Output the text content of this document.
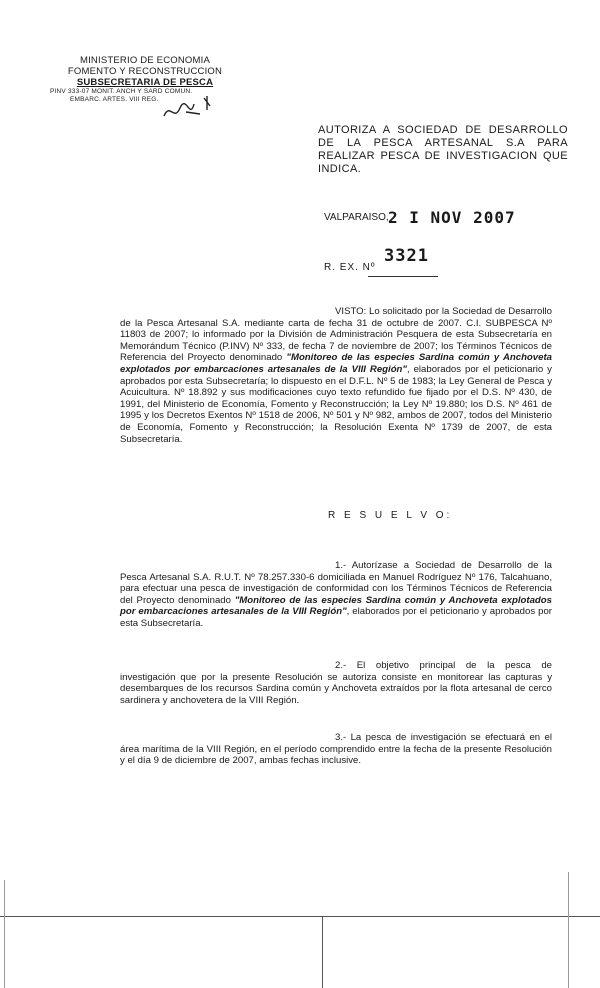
MINISTERIO DE ECONOMIA
FOMENTO Y RECONSTRUCCION
SUBSECRETARIA DE PESCA
PINV 333-07 MONIT. ANCH Y SARD COMUN.
EMBARC. ARTES. VIII REG.
AUTORIZA A SOCIEDAD DE DESARROLLO DE LA PESCA ARTESANAL S.A PARA REALIZAR PESCA DE INVESTIGACION QUE INDICA.
VALPARAISO, 2 I NOV 2007
R. EX. Nº
3321
VISTO: Lo solicitado por la Sociedad de Desarrollo de la Pesca Artesanal S.A. mediante carta de fecha 31 de octubre de 2007. C.I. SUBPESCA Nº 11803 de 2007; lo informado por la División de Administración Pesquera de esta Subsecretaría en Memorándum Técnico (P.INV) Nº 333, de fecha 7 de noviembre de 2007; los Términos Técnicos de Referencia del Proyecto denominado "Monitoreo de las especies Sardina común y Anchoveta explotados por embarcaciones artesanales de la VIII Región", elaborados por el peticionario y aprobados por esta Subsecretaría; lo dispuesto en el D.F.L. Nº 5 de 1983; la Ley General de Pesca y Acuicultura. Nº 18.892 y sus modificaciones cuyo texto refundido fue fijado por el D.S. Nº 430, de 1991, del Ministerio de Economía, Fomento y Reconstrucción; la Ley Nº 19.880; los D.S. Nº 461 de 1995 y los Decretos Exentos Nº 1518 de 2006, Nº 501 y Nº 982, ambos de 2007, todos del Ministerio de Economía, Fomento y Reconstrucción; la Resolución Exenta Nº 1739 de 2007, de esta Subsecretaría.
R E S U E L V O:
1.- Autorízase a Sociedad de Desarrollo de la Pesca Artesanal S.A. R.U.T. Nº 78.257.330-6 domiciliada en Manuel Rodríguez Nº 176, Talcahuano, para efectuar una pesca de investigación de conformidad con los Términos Técnicos de Referencia del Proyecto denominado "Monitoreo de las especies Sardina común y Anchoveta explotados por embarcaciones artesanales de la VIII Región", elaborados por el peticionario y aprobados por esta Subsecretaría.
2.- El objetivo principal de la pesca de investigación que por la presente Resolución se autoriza consiste en monitorear las capturas y desembarques de los recursos Sardina común y Anchoveta extraídos por la flota artesanal de cerco sardinera y anchovetera de la VIII Región.
3.- La pesca de investigación se efectuará en el área marítima de la VIII Región, en el período comprendido entre la fecha de la presente Resolución y el día 9 de diciembre de 2007, ambas fechas inclusive.
